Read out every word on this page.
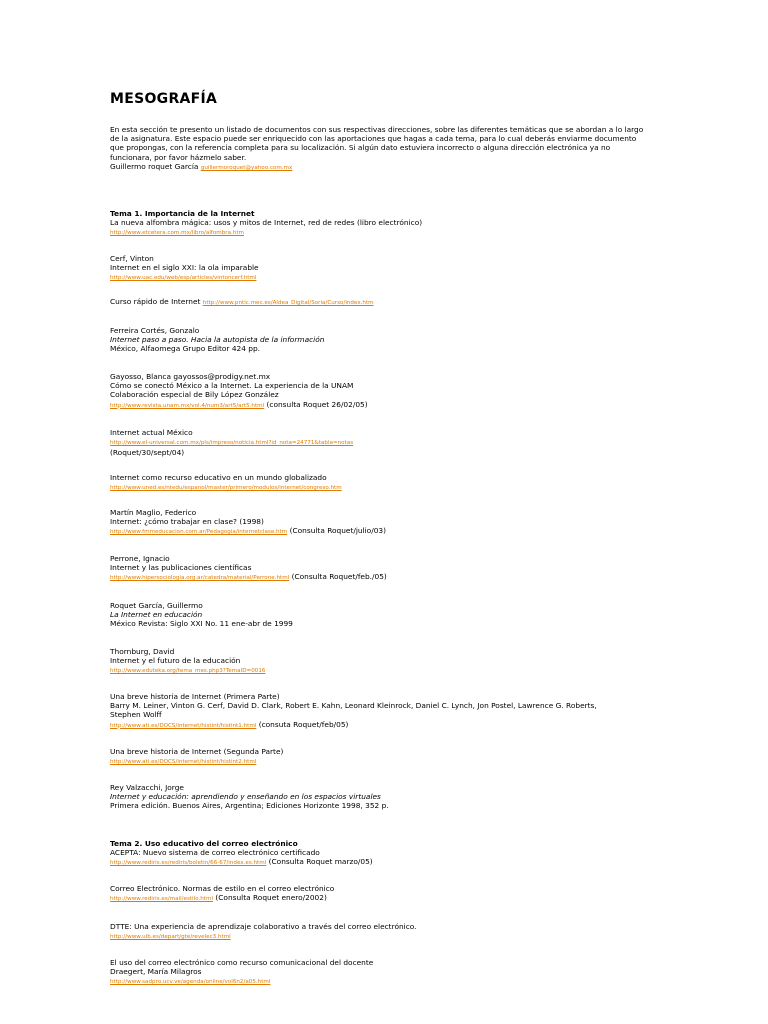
MESOGRAFÍA
En esta sección te presento un listado de documentos con sus respectivas direcciones, sobre las diferentes temáticas que se abordan a lo largo de la asignatura. Este espacio puede ser enriquecido con las aportaciones que hagas a cada tema, para lo cual deberás enviarme documento que propongas, con la referencia completa para su localización. Si algún dato estuviera incorrecto o alguna dirección electrónica ya no funcionara, por favor házmelo saber.
Guillermo roquet García guillermoroquet@yahoo.com.mx
Tema 1. Importancia de la Internet
La nueva alfombra mágica: usos y mitos de Internet, red de redes (libro electrónico)
http://www.etcetera.com.mx/libro/alfombra.htm
Cerf, Vinton
Internet en el siglo XXI: la ola imparable
http://www.uac.edu/web/esp/articles/vintoncerf.html
Curso rápido de Internet http://www.pntic.mec.es/Aldea_Digital/Soria/Curso/index.htm
Ferreira Cortés, Gonzalo
Internet paso a paso. Hacia la autopista de la información
México, Alfaomega Grupo Editor 424 pp.
Gayosso, Blanca gayossos@prodigy.net.mx
Cómo se conectó México a la Internet. La experiencia de la UNAM
Colaboración especial de Bily López González
http://www.revista.unam.mx/vol.4/num3/art5/art5.html (consulta Roquet 26/02/05)
Internet actual México
http://www.el-universal.com.mx/pls/impreso/noticia.html?id_nota=24771&tabla=notas
(Roquet/30/sept/04)
Internet como recurso educativo en un mundo globalizado
http://www.uned.es/ntedu/espanol/master/primero/modulos/internet/congreso.htm
Martín Maglio, Federico
Internet: ¿cómo trabajar en clase? (1998)
http://www.fmmeducacion.com.ar/Pedagogia/internetclase.htm (Consulta Roquet/julio/03)
Perrone, Ignacio
Internet y las publicaciones científicas
http://www.hipersociologia.org.ar/catedra/material/Perrone.html (Consulta Roquet/feb./05)
Roquet García, Guillermo
La Internet en educación
México Revista: Siglo XXI No. 11 ene-abr de 1999
Thornburg, David
Internet y el futuro de la educación
http://www.eduteka.org/tema_mes.php3?TemaID=0016
Una breve historia de Internet (Primera Parte)
Barry M. Leiner, Vinton G. Cerf, David D. Clark, Robert E. Kahn, Leonard Kleinrock, Daniel C. Lynch, Jon Postel, Lawrence G. Roberts,
Stephen Wolff
http://www.ati.es/DOCS/internet/histint/histint1.html (consuta Roquet/feb/05)
Una breve historia de Internet (Segunda Parte)
http://www.ati.es/DOCS/internet/histint/histint2.html
Rey Valzacchi, Jorge
Internet y educación: aprendiendo y enseñando en los espacios virtuales
Primera edición. Buenos Aires, Argentina; Ediciones Horizonte 1998, 352 p.
Tema 2. Uso educativo del correo electrónico
ACEPTA: Nuevo sistema de correo electrónico certificado
http://www.rediris.es/rediris/boletin/66-67/index.es.html (Consulta Roquet marzo/05)
Correo Electrónico. Normas de estilo en el correo electrónico
http://www.rediris.es/mail/estilo.html (Consulta Roquet enero/2002)
DTTE: Una experiencia de aprendizaje colaborativo a través del correo electrónico.
http://www.uib.es/depart/gte/revelec3.html
El uso del correo electrónico como recurso comunicacional del docente
Draegert, María Milagros
http://www.sadpro.ucv.ve/agenda/online/vol6n2/a05.html
